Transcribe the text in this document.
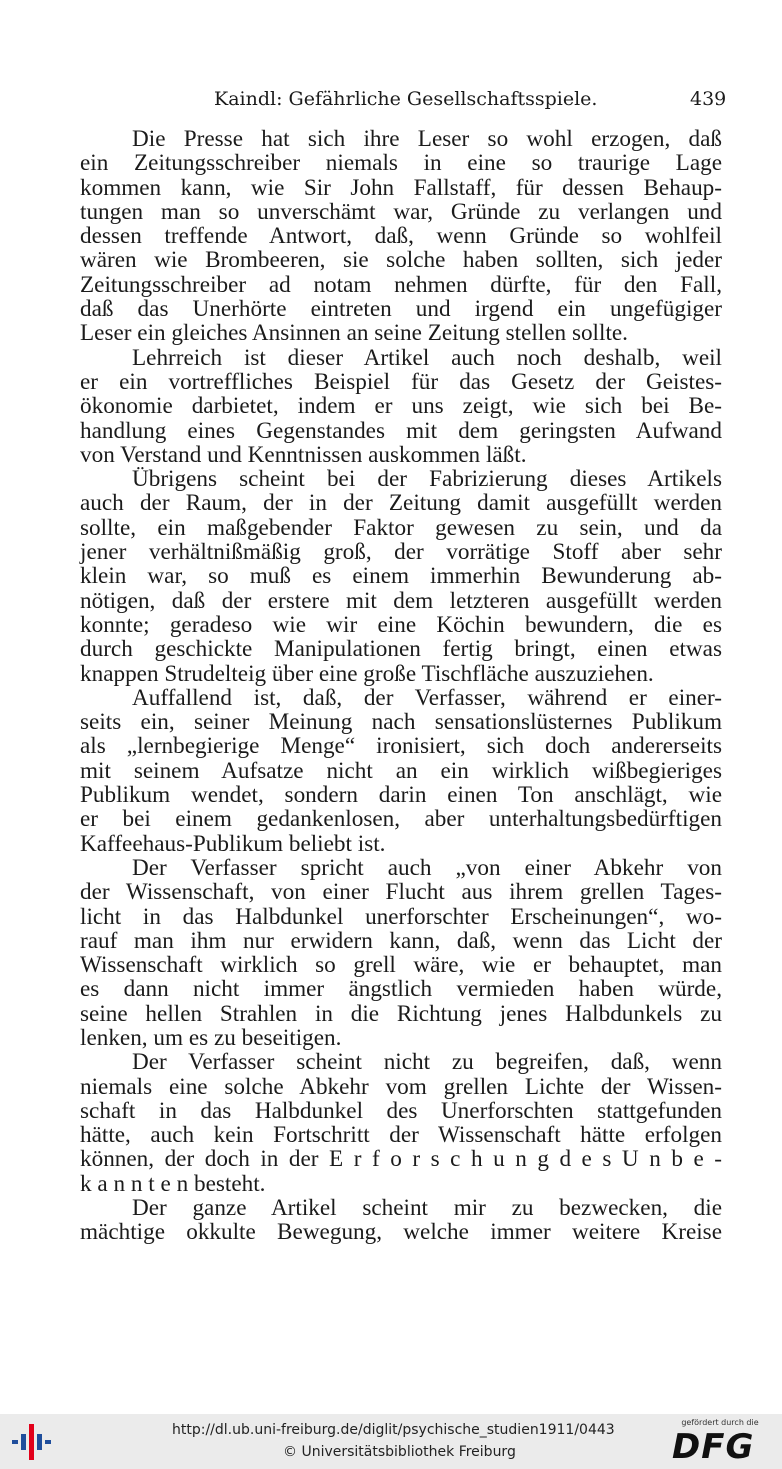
Kaindl: Gefährliche Gesellschaftsspiele.	439
Die Presse hat sich ihre Leser so wohl erzogen, daß
ein Zeitungsschreiber niemals in eine so traurige Lage
kommen kann, wie Sir John Fallstaff, für dessen Behaup-
tungen man so unverschämt war, Gründe zu verlangen und
dessen treffende Antwort, daß, wenn Gründe so wohlfeil
wären wie Brombeeren, sie solche haben sollten, sich jeder
Zeitungsschreiber ad notam nehmen dürfte, für den Fall,
daß das Unerhörte eintreten und irgend ein ungefügiger
Leser ein gleiches Ansinnen an seine Zeitung stellen sollte.
Lehrreich ist dieser Artikel auch noch deshalb, weil
er ein vortreffliches Beispiel für das Gesetz der Geistes-
ökonomie darbietet, indem er uns zeigt, wie sich bei Be-
handlung eines Gegenstandes mit dem geringsten Aufwand
von Verstand und Kenntnissen auskommen läßt.
Übrigens scheint bei der Fabrizierung dieses Artikels
auch der Raum, der in der Zeitung damit ausgefüllt werden
sollte, ein maßgebender Faktor gewesen zu sein, und da
jener verhältnißmäßig groß, der vorrätige Stoff aber sehr
klein war, so muß es einem immerhin Bewunderung ab-
nötigen, daß der erstere mit dem letzteren ausgefüllt werden
konnte; geradeso wie wir eine Köchin bewundern, die es
durch geschickte Manipulationen fertig bringt, einen etwas
knappen Strudelteig über eine große Tischfläche auszuziehen.
Auffallend ist, daß, der Verfasser, während er einer-
seits ein, seiner Meinung nach sensationslüsternes Publikum
als „lernbegierige Menge“ ironisiert, sich doch andererseits
mit seinem Aufsatze nicht an ein wirklich wißbegieriges
Publikum wendet, sondern darin einen Ton anschlägt, wie
er bei einem gedankenlosen, aber unterhaltungsbedürftigen
Kaffeehaus-Publikum beliebt ist.
Der Verfasser spricht auch „von einer Abkehr von
der Wissenschaft, von einer Flucht aus ihrem grellen Tages-
licht in das Halbdunkel unerforschter Erscheinungen“, wo-
rauf man ihm nur erwidern kann, daß, wenn das Licht der
Wissenschaft wirklich so grell wäre, wie er behauptet, man
es dann nicht immer ängstlich vermieden haben würde,
seine hellen Strahlen in die Richtung jenes Halbdunkels zu
lenken, um es zu beseitigen.
Der Verfasser scheint nicht zu begreifen, daß, wenn
niemals eine solche Abkehr vom grellen Lichte der Wissen-
schaft in das Halbdunkel des Unerforschten stattgefunden
hätte, auch kein Fortschritt der Wissenschaft hätte erfolgen
können, der doch in der E r f o r s c h u n g d e s U n b e -
k a n n t e n besteht.
Der ganze Artikel scheint mir zu bezwecken, die
mächtige okkulte Bewegung, welche immer weitere Kreise
http://dl.ub.uni-freiburg.de/diglit/psychische_studien1911/0443
© Universitätsbibliothek Freiburg
gefördert durch die
DFG
